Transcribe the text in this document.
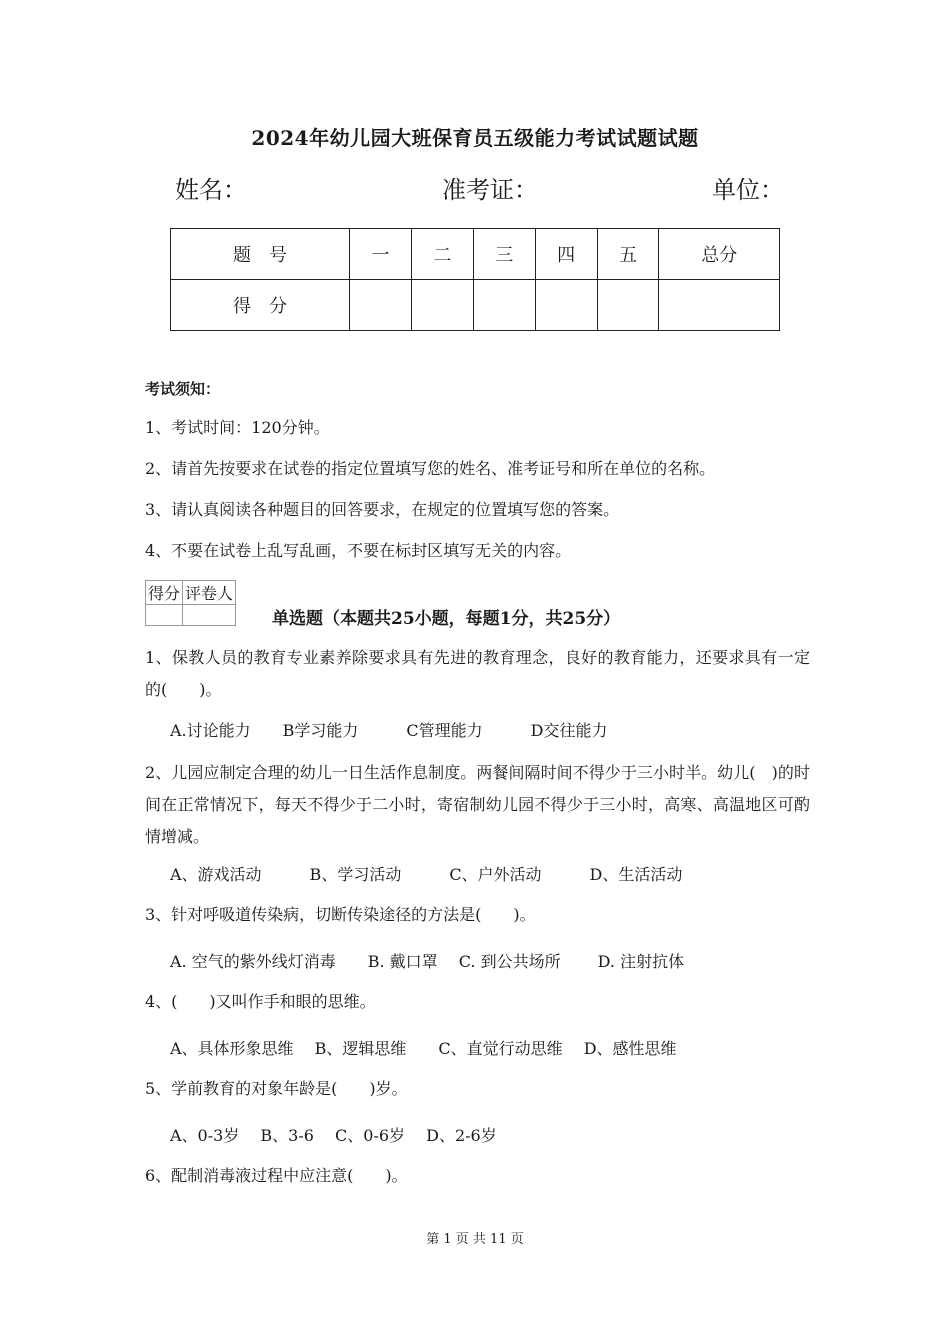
2024年幼儿园大班保育员五级能力考试试题试题
姓名：	准考证：	单位：
题　号	一	二	三	四	五	总分
得　分						
考试须知：
1、考试时间：120分钟。
2、请首先按要求在试卷的指定位置填写您的姓名、准考证号和所在单位的名称。
3、请认真阅读各种题目的回答要求，在规定的位置填写您的答案。
4、不要在试卷上乱写乱画，不要在标封区填写无关的内容。
得分	评卷人

单选题（本题共25小题，每题1分，共25分）
1、保教人员的教育专业素养除要求具有先进的教育理念，良好的教育能力，还要求具有一定的(　　)。
A.讨论能力　　B学习能力　　　C管理能力　　　D交往能力
2、儿园应制定合理的幼儿一日生活作息制度。两餐间隔时间不得少于三小时半。幼儿(　)的时间在正常情况下，每天不得少于二小时，寄宿制幼儿园不得少于三小时，高寒、高温地区可酌情增减。
A、游戏活动　　　B、学习活动　　　C、户外活动　　　D、生活活动
3、针对呼吸道传染病，切断传染途径的方法是(　　)。
A. 空气的紫外线灯消毒　　B. 戴口罩　 C. 到公共场所　　 D. 注射抗体
4、(　　)又叫作手和眼的思维。
A、具体形象思维　 B、逻辑思维　　C、直觉行动思维　 D、感性思维
5、学前教育的对象年龄是(　　)岁。
A、0-3岁　 B、3-6　 C、0-6岁　 D、2-6岁
6、配制消毒液过程中应注意(　　)。
第 1 页 共 11 页
